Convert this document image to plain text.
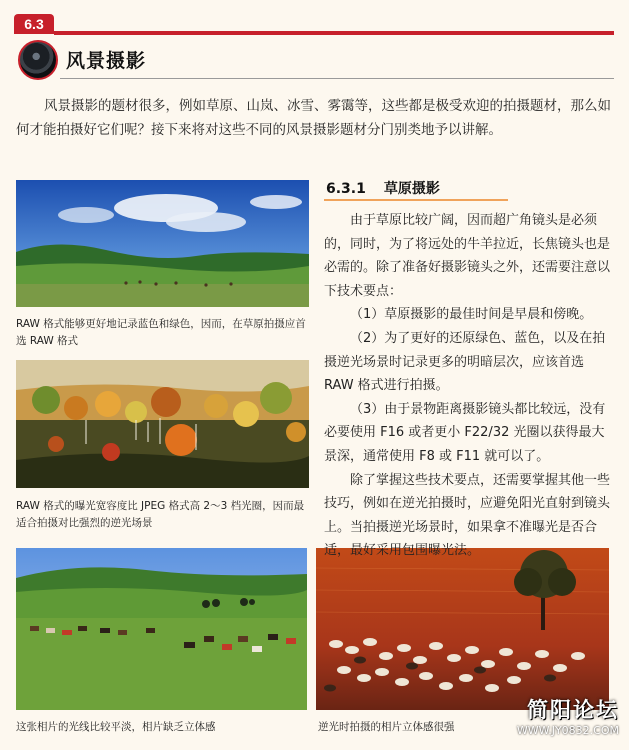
6.3
风景摄影
风景摄影的题材很多，例如草原、山岚、冰雪、雾霭等，这些都是极受欢迎的拍摄题材，那么如何才能拍摄好它们呢？接下来将对这些不同的风景摄影题材分门别类地予以讲解。
RAW 格式能够更好地记录蓝色和绿色，因而，在草原拍摄应首选 RAW 格式
RAW 格式的曝光宽容度比 JPEG 格式高 2～3 档光圈，因而最适合拍摄对比强烈的逆光场景
这张相片的光线比较平淡，相片缺乏立体感	逆光时拍摄的相片立体感很强
6.3.1 草原摄影

由于草原比较广阔，因而超广角镜头是必须的，同时，为了将远处的牛羊拉近，长焦镜头也是必需的。除了准备好摄影镜头之外，还需要注意以下技术要点：

（1）草原摄影的最佳时间是早晨和傍晚。

（2）为了更好的还原绿色、蓝色，以及在拍摄逆光场景时记录更多的明暗层次，应该首选 RAW 格式进行拍摄。

（3）由于景物距离摄影镜头都比较远，没有必要使用 F16 或者更小 F22/32 光圈以获得最大景深，通常使用 F8 或 F11 就可以了。

除了掌握这些技术要点，还需要掌握其他一些技巧，例如在逆光拍摄时，应避免阳光直射到镜头上。当拍摄逆光场景时，如果拿不准曝光是否合适，最好采用包围曝光法。

简阳论坛
WWW.JY0832.COM
